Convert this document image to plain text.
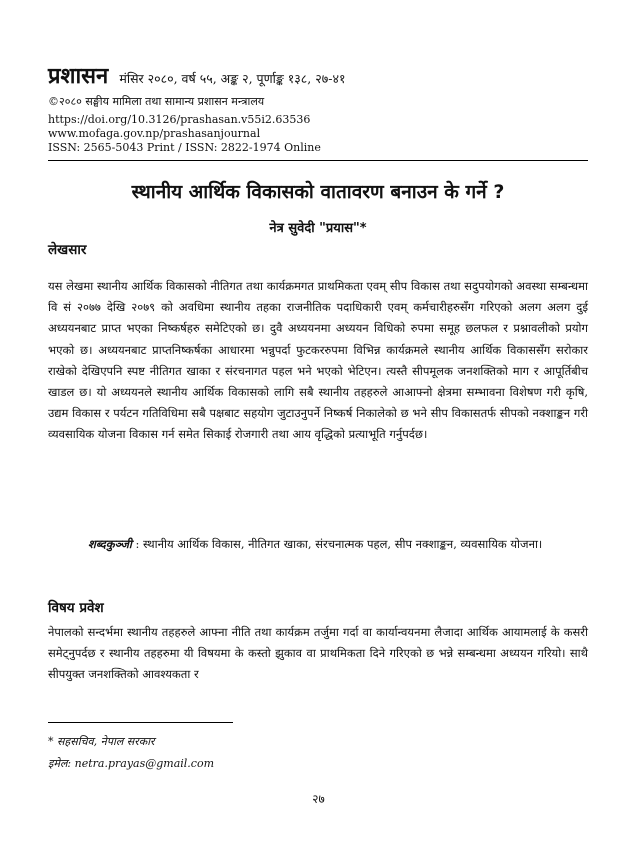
प्रशासन मंसिर २०८०, वर्ष ५५, अङ्क २, पूर्णाङ्क १३८, २७-४१
©२०८० सङ्घीय मामिला तथा सामान्य प्रशासन मन्त्रालय
https://doi.org/10.3126/prashasan.v55i2.63536
www.mofaga.gov.np/prashasanjournal
ISSN: 2565-5043 Print / ISSN: 2822-1974 Online
स्थानीय आर्थिक विकासको वातावरण बनाउन के गर्ने ?
नेत्र सुवेदी "प्रयास"*
लेखसार
यस लेखमा स्थानीय आर्थिक विकासको नीतिगत तथा कार्यक्रमगत प्राथमिकता एवम् सीप विकास तथा सदुपयोगको अवस्था सम्बन्धमा वि सं २०७७ देखि २०७९ को अवधिमा स्थानीय तहका राजनीतिक पदाधिकारी एवम् कर्मचारीहरुसँग गरिएको अलग अलग दुई अध्ययनबाट प्राप्त भएका निष्कर्षहरु समेटिएको छ। दुवै अध्ययनमा अध्ययन विधिको रुपमा समूह छलफल र प्रश्नावलीको प्रयोग भएको छ। अध्ययनबाट प्राप्तनिष्कर्षका आधारमा भन्नुपर्दा फुटकररुपमा विभिन्न कार्यक्रमले स्थानीय आर्थिक विकाससँग सरोकार राखेको देखिएपनि स्पष्ट नीतिगत खाका र संरचनागत पहल भने भएको भेटिएन। त्यस्तै सीपमूलक जनशक्तिको माग र आपूर्तिबीच खाडल छ। यो अध्ययनले स्थानीय आर्थिक विकासको लागि सबै स्थानीय तहहरुले आआफ्नो क्षेत्रमा सम्भावना विशेषण गरी कृषि, उद्यम विकास र पर्यटन गतिविधिमा सबै पक्षबाट सहयोग जुटाउनुपर्ने निष्कर्ष निकालेको छ भने सीप विकासतर्फ सीपको नक्शाङ्कन गरी व्यवसायिक योजना विकास गर्न समेत सिकाई रोजगारी तथा आय वृद्धिको प्रत्याभूति गर्नुपर्दछ।
शब्दकुञ्जी : स्थानीय आर्थिक विकास, नीतिगत खाका, संरचनात्मक पहल, सीप नक्शाङ्कन, व्यवसायिक योजना।
विषय प्रवेश
नेपालको सन्दर्भमा स्थानीय तहहरुले आफ्ना नीति तथा कार्यक्रम तर्जुमा गर्दा वा कार्यान्वयनमा लैजादा आर्थिक आयामलाई के कसरी समेट्नुपर्दछ र स्थानीय तहहरुमा यी विषयमा के कस्तो झुकाव वा प्राथमिकता दिने गरिएको छ भन्ने सम्बन्धमा अध्ययन गरियो। साथै सीपयुक्त जनशक्तिको आवश्यकता र
* सहसचिव, नेपाल सरकार
इमेल: netra.prayas@gmail.com
२७
